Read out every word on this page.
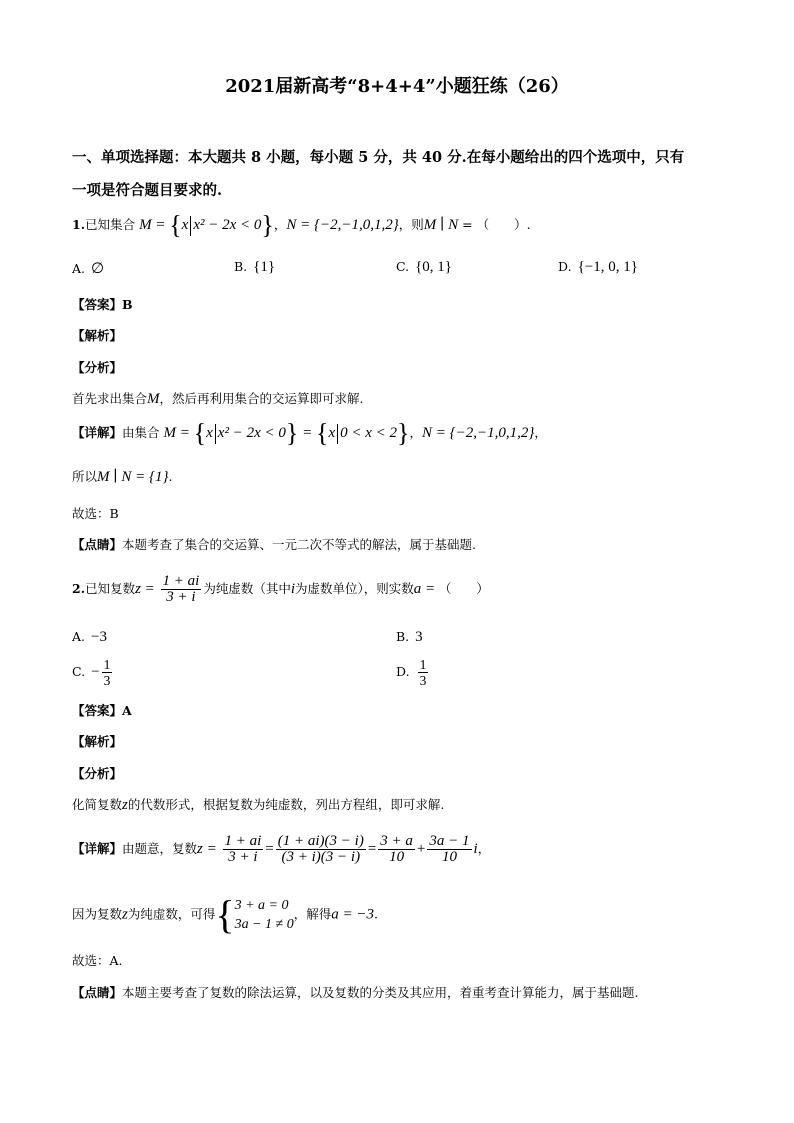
2021届新高考“8+4+4”小题狂练（26）
一、单项选择题：本大题共 8 小题，每小题 5 分，共 40 分.在每小题给出的四个选项中，只有
一项是符合题目要求的.
1.已知集合 M = {x x² − 2x < 0}，N = {−2,−1,0,1,2}，则M ∣ N = （　　）.
A. ∅	B. {1}	C. {0, 1}	D. {−1, 0, 1}
【答案】B
【解析】
【分析】
首先求出集合M，然后再利用集合的交运算即可求解.
【详解】由集合 M = {x x² − 2x < 0} = {x 0 < x < 2}，N = {−2,−1,0,1,2}，
所以M ∣ N = {1}.
故选：B
【点睛】本题考查了集合的交运算、一元二次不等式的解法，属于基础题.
2.已知复数$z = \frac{1 + ai}{3 + i}$ 为纯虚数（其中i为虚数单位），则实数a = （　　）
A. −3	B. 3
C. − $\frac{1}{3}$	D. $\frac{1}{3}$
【答案】A
【解析】
【分析】
化简复数z的代数形式，根据复数为纯虚数，列出方程组，即可求解.
【详解】由题意，复数$z = \frac{1 + ai}{3 + i} = \frac{(1 + ai)(3 - i)}{(3 + i)(3 - i)} = \frac{3 + a}{10} + \frac{3a - 1}{10}$ i，
因为复数z为纯虚数，可得 { 3 + a = 0
3a − 1 ≠ 0
，解得a = −3.
故选：A.
【点睛】本题主要考查了复数的除法运算，以及复数的分类及其应用，着重考查计算能力，属于基础题.
